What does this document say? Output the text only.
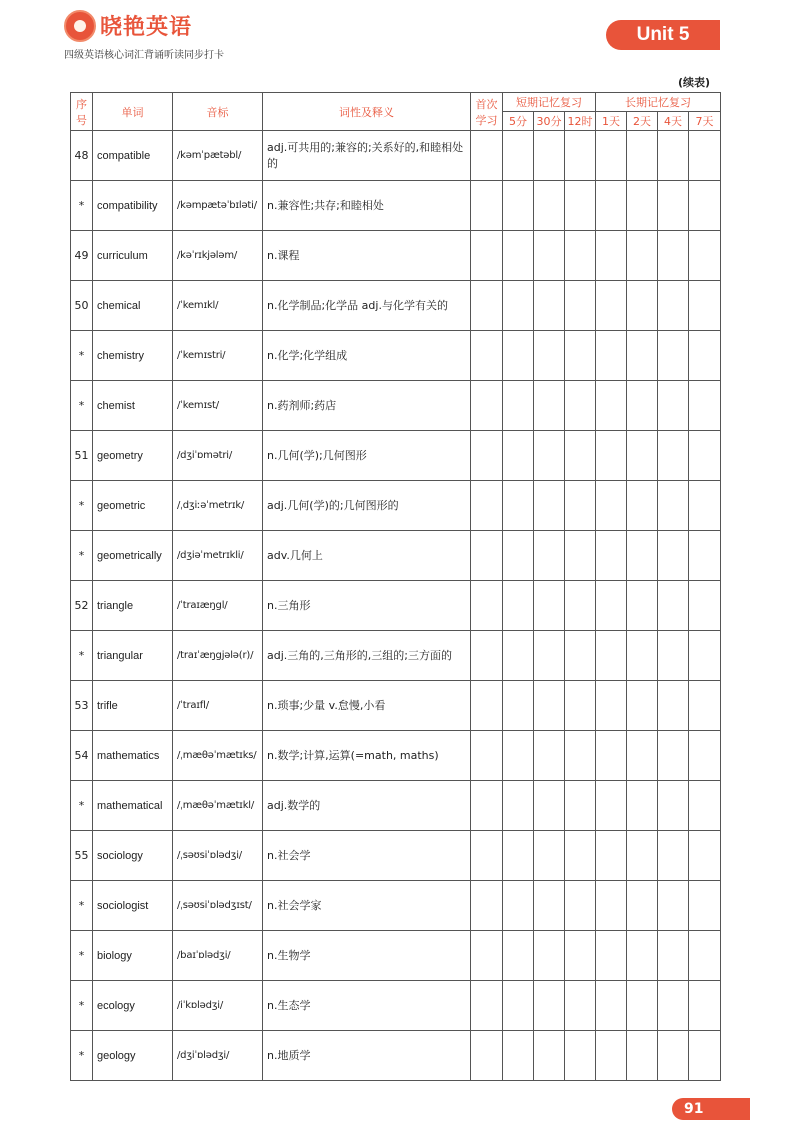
晓艳英语
四级英语核心词汇背诵听读同步打卡
Unit 5
(续表)
序号	单词	音标	词性及释义	首次学习	短期记忆复习			长期记忆复习			
					5分	30分	12时	1天	2天	4天	7天
48	compatible	/kəmˈpætəbl/	adj.可共用的;兼容的;关系好的,和睦相处的								
*	compatibility	/kəmpætəˈbɪləti/	n.兼容性;共存;和睦相处								
49	curriculum	/kəˈrɪkjələm/	n.课程								
50	chemical	/ˈkemɪkl/	n.化学制品;化学品 adj.与化学有关的								
*	chemistry	/ˈkemɪstri/	n.化学;化学组成								
*	chemist	/ˈkemɪst/	n.药剂师;药店								
51	geometry	/dʒiˈɒmətri/	n.几何(学);几何图形								
*	geometric	/ˌdʒiːəˈmetrɪk/	adj.几何(学)的;几何图形的								
*	geometrically	/dʒiəˈmetrɪkli/	adv.几何上								
52	triangle	/ˈtraɪæŋgl/	n.三角形								
*	triangular	/traɪˈæŋgjələ(r)/	adj.三角的,三角形的,三组的;三方面的								
53	trifle	/ˈtraɪfl/	n.琐事;少量 v.怠慢,小看								
54	mathematics	/ˌmæθəˈmætɪks/	n.数学;计算,运算(=math, maths)								
*	mathematical	/ˌmæθəˈmætɪkl/	adj.数学的								
55	sociology	/ˌsəʊsiˈɒlədʒi/	n.社会学								
*	sociologist	/ˌsəʊsiˈɒlədʒɪst/	n.社会学家								
*	biology	/baɪˈɒlədʒi/	n.生物学								
*	ecology	/iˈkɒlədʒi/	n.生态学								
*	geology	/dʒiˈɒlədʒi/	n.地质学								
91
